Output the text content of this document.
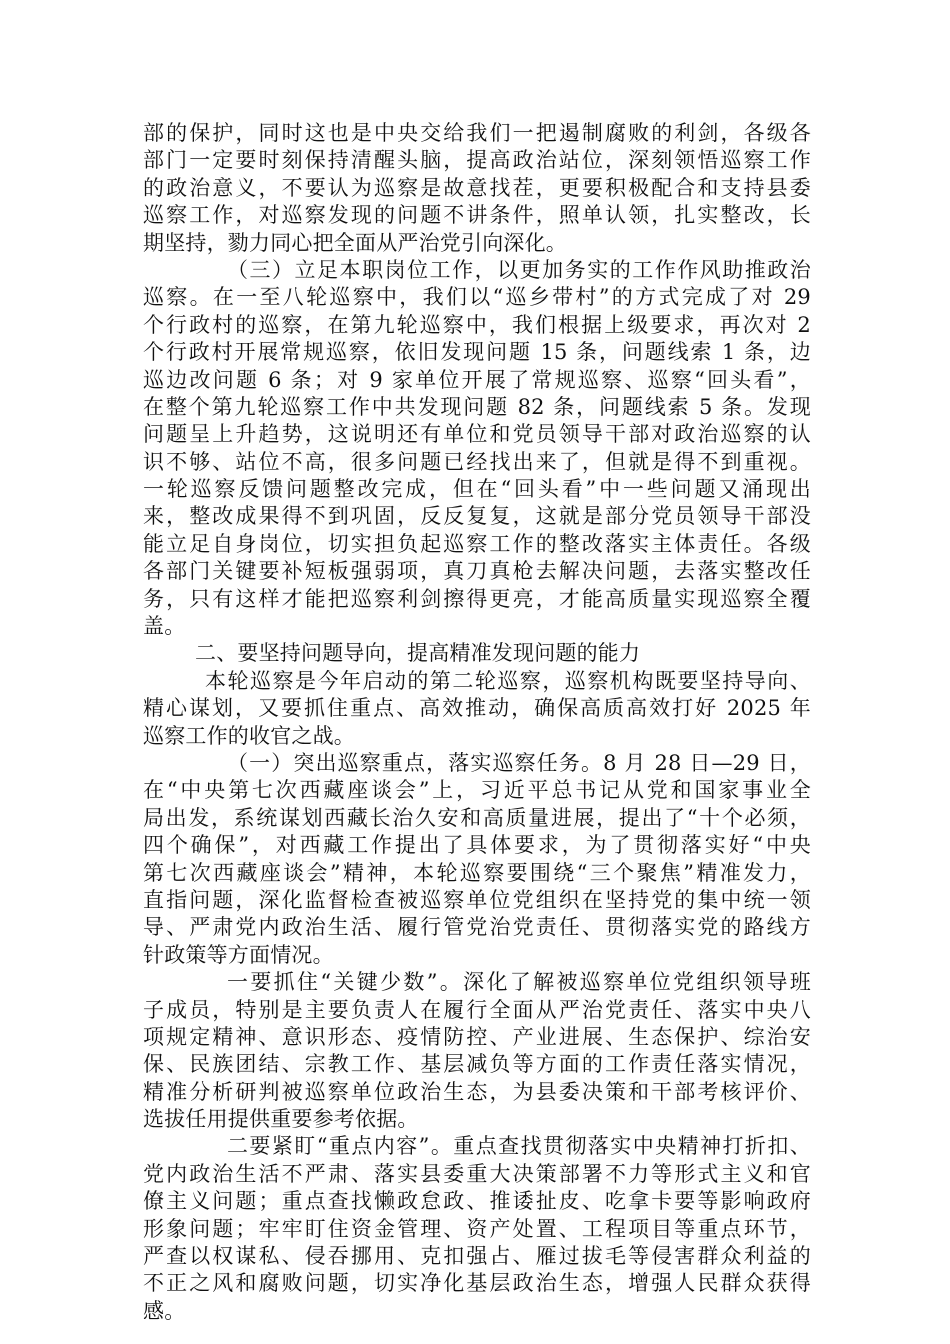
部的保护，同时这也是中央交给我们一把遏制腐败的利剑，各级各
部门一定要时刻保持清醒头脑，提高政治站位，深刻领悟巡察工作
的政治意义，不要认为巡察是故意找茬，更要积极配合和支持县委
巡察工作，对巡察发现的问题不讲条件，照单认领，扎实整改，长
期坚持，勠力同心把全面从严治党引向深化。
（三）立足本职岗位工作，以更加务实的工作作风助推政治
巡察。在一至八轮巡察中，我们以“巡乡带村”的方式完成了对 29
个行政村的巡察，在第九轮巡察中，我们根据上级要求，再次对 2
个行政村开展常规巡察，依旧发现问题 15 条，问题线索 1 条，边
巡边改问题 6 条；对 9 家单位开展了常规巡察、巡察“回头看”，
在整个第九轮巡察工作中共发现问题 82 条，问题线索 5 条。发现
问题呈上升趋势，这说明还有单位和党员领导干部对政治巡察的认
识不够、站位不高，很多问题已经找出来了，但就是得不到重视。
一轮巡察反馈问题整改完成，但在“回头看”中一些问题又涌现出
来，整改成果得不到巩固，反反复复，这就是部分党员领导干部没
能立足自身岗位，切实担负起巡察工作的整改落实主体责任。各级
各部门关键要补短板强弱项，真刀真枪去解决问题，去落实整改任
务，只有这样才能把巡察利剑擦得更亮，才能高质量实现巡察全覆
盖。
二、要坚持问题导向，提高精准发现问题的能力
本轮巡察是今年启动的第二轮巡察，巡察机构既要坚持导向、
精心谋划，又要抓住重点、高效推动，确保高质高效打好 2025 年
巡察工作的收官之战。
（一）突出巡察重点，落实巡察任务。8 月 28 日—29 日，
在“中央第七次西藏座谈会”上，习近平总书记从党和国家事业全
局出发，系统谋划西藏长治久安和高质量进展，提出了“十个必须，
四个确保”，对西藏工作提出了具体要求，为了贯彻落实好“中央
第七次西藏座谈会”精神，本轮巡察要围绕“三个聚焦”精准发力，
直指问题，深化监督检查被巡察单位党组织在坚持党的集中统一领
导、严肃党内政治生活、履行管党治党责任、贯彻落实党的路线方
针政策等方面情况。
一要抓住“关键少数”。深化了解被巡察单位党组织领导班
子成员，特别是主要负责人在履行全面从严治党责任、落实中央八
项规定精神、意识形态、疫情防控、产业进展、生态保护、综治安
保、民族团结、宗教工作、基层减负等方面的工作责任落实情况，
精准分析研判被巡察单位政治生态，为县委决策和干部考核评价、
选拔任用提供重要参考依据。
二要紧盯“重点内容”。重点查找贯彻落实中央精神打折扣、
党内政治生活不严肃、落实县委重大决策部署不力等形式主义和官
僚主义问题；重点查找懒政怠政、推诿扯皮、吃拿卡要等影响政府
形象问题；牢牢盯住资金管理、资产处置、工程项目等重点环节，
严查以权谋私、侵吞挪用、克扣强占、雁过拔毛等侵害群众利益的
不正之风和腐败问题，切实净化基层政治生态，增强人民群众获得
感。
